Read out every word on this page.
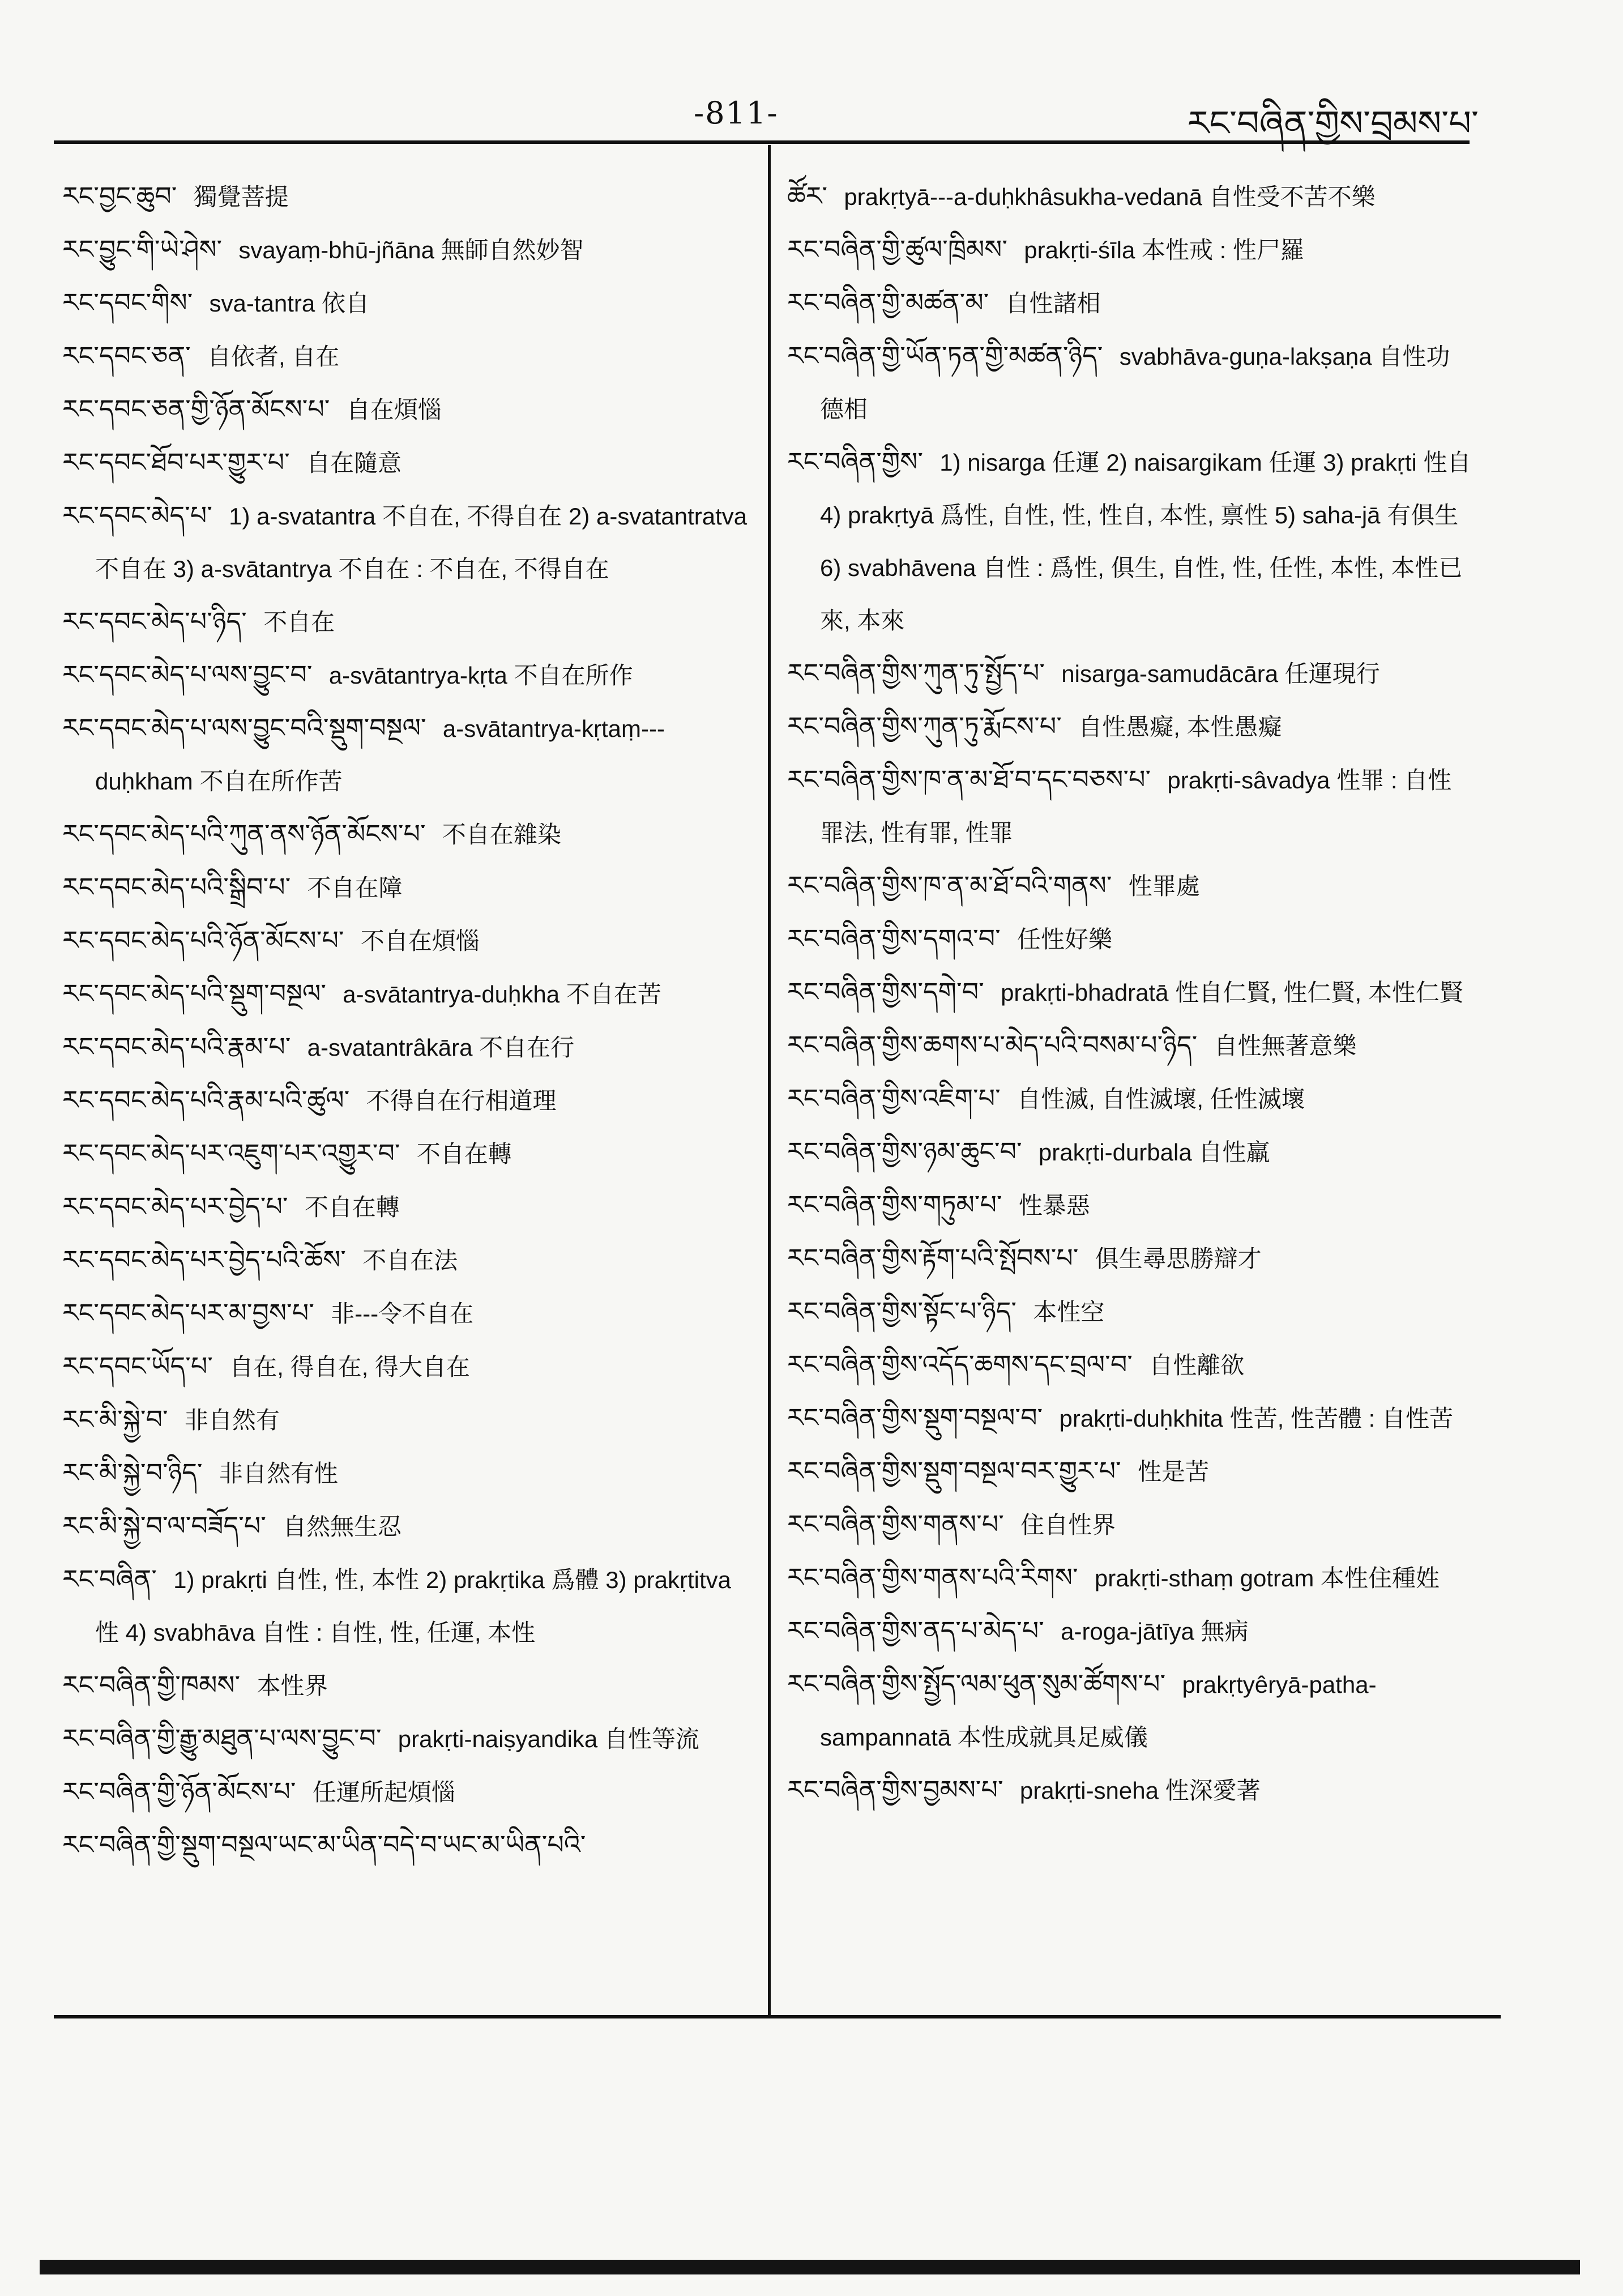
-811-	རང་བཞིན་གྱིས་བྲམས་པ་
རང་བྱང་ཆུབ་ 獨覺菩提
རང་བྱུང་གི་ཡེ་ཤེས་ svayaṃ-bhū-jñāna 無師自然妙智
རང་དབང་གིས་ sva-tantra 依自
རང་དབང་ཅན་ 自依者, 自在
རང་དབང་ཅན་གྱི་ཉོན་མོངས་པ་ 自在煩惱
རང་དབང་ཐོབ་པར་གྱུར་པ་ 自在隨意
རང་དབང་མེད་པ་ 1) a-svatantra 不自在, 不得自在 2) a-svatantratva 不自在 3) a-svātantrya 不自在 : 不自在, 不得自在
རང་དབང་མེད་པ་ཉིད་ 不自在
རང་དབང་མེད་པ་ལས་བྱུང་བ་ a-svātantrya-kṛta 不自在所作
རང་དབང་མེད་པ་ལས་བྱུང་བའི་སྡུག་བསྔལ་ a-svātantrya-kṛtaṃ---duḥkham 不自在所作苦
རང་དབང་མེད་པའི་ཀུན་ནས་ཉོན་མོངས་པ་ 不自在雜染
རང་དབང་མེད་པའི་སྒྲིབ་པ་ 不自在障
རང་དབང་མེད་པའི་ཉོན་མོངས་པ་ 不自在煩惱
རང་དབང་མེད་པའི་སྡུག་བསྔལ་ a-svātantrya-duḥkha 不自在苦
རང་དབང་མེད་པའི་རྣམ་པ་ a-svatantrâkāra 不自在行
རང་དབང་མེད་པའི་རྣམ་པའི་ཚུལ་ 不得自在行相道理
རང་དབང་མེད་པར་འཇུག་པར་འགྱུར་བ་ 不自在轉
རང་དབང་མེད་པར་བྱེད་པ་ 不自在轉
རང་དབང་མེད་པར་བྱེད་པའི་ཆོས་ 不自在法
རང་དབང་མེད་པར་མ་བྱས་པ་ 非---令不自在
རང་དབང་ཡོད་པ་ 自在, 得自在, 得大自在
རང་མི་སྐྱེ་བ་ 非自然有
རང་མི་སྐྱེ་བ་ཉིད་ 非自然有性
རང་མི་སྐྱེ་བ་ལ་བཟོད་པ་ 自然無生忍
རང་བཞིན་ 1) prakṛti 自性, 性, 本性 2) prakṛtika 爲體 3) prakṛtitva 性 4) svabhāva 自性 : 自性, 性, 任運, 本性
རང་བཞིན་གྱི་ཁམས་ 本性界
རང་བཞིན་གྱི་རྒྱུ་མཐུན་པ་ལས་བྱུང་བ་ prakṛti-naiṣyandika 自性等流
རང་བཞིན་གྱི་ཉོན་མོངས་པ་ 任運所起煩惱
རང་བཞིན་གྱི་སྡུག་བསྔལ་ཡང་མ་ཡིན་བདེ་བ་ཡང་མ་ཡིན་པའི་
ཚོར་ prakṛtyā---a-duḥkhâsukha-vedanā 自性受不苦不樂
རང་བཞིན་གྱི་ཚུལ་ཁྲིམས་ prakṛti-śīla 本性戒 : 性尸羅
རང་བཞིན་གྱི་མཚན་མ་ 自性諸相
རང་བཞིན་གྱི་ཡོན་ཏན་གྱི་མཚན་ཉིད་ svabhāva-guṇa-lakṣaṇa 自性功德相
རང་བཞིན་གྱིས་ 1) nisarga 任運 2) naisargikam 任運 3) prakṛti 性自 4) prakṛtyā 爲性, 自性, 性, 性自, 本性, 禀性 5) saha-jā 有俱生 6) svabhāvena 自性 : 爲性, 俱生, 自性, 性, 任性, 本性, 本性已來, 本來
རང་བཞིན་གྱིས་ཀུན་ཏུ་སྤྱོད་པ་ nisarga-samudācāra 任運現行
རང་བཞིན་གྱིས་ཀུན་ཏུ་རྨོངས་པ་ 自性愚癡, 本性愚癡
རང་བཞིན་གྱིས་ཁ་ན་མ་ཐོ་བ་དང་བཅས་པ་ prakṛti-sâvadya 性罪 : 自性罪法, 性有罪, 性罪
རང་བཞིན་གྱིས་ཁ་ན་མ་ཐོ་བའི་གནས་ 性罪處
རང་བཞིན་གྱིས་དགའ་བ་ 任性好樂
རང་བཞིན་གྱིས་དགེ་བ་ prakṛti-bhadratā 性自仁賢, 性仁賢, 本性仁賢
རང་བཞིན་གྱིས་ཆགས་པ་མེད་པའི་བསམ་པ་ཉིད་ 自性無著意樂
རང་བཞིན་གྱིས་འཇིག་པ་ 自性滅, 自性滅壞, 任性滅壞
རང་བཞིན་གྱིས་ཉམ་ཆུང་བ་ prakṛti-durbala 自性羸
རང་བཞིན་གྱིས་གཏུམ་པ་ 性暴惡
རང་བཞིན་གྱིས་རྟོག་པའི་སྤོབས་པ་ 俱生尋思勝辯才
རང་བཞིན་གྱིས་སྟོང་པ་ཉིད་ 本性空
རང་བཞིན་གྱིས་འདོད་ཆགས་དང་བྲལ་བ་ 自性離欲
རང་བཞིན་གྱིས་སྡུག་བསྔལ་བ་ prakṛti-duḥkhita 性苦, 性苦體 : 自性苦
རང་བཞིན་གྱིས་སྡུག་བསྔལ་བར་གྱུར་པ་ 性是苦
རང་བཞིན་གྱིས་གནས་པ་ 住自性界
རང་བཞིན་གྱིས་གནས་པའི་རིགས་ prakṛti-sthaṃ gotram 本性住種姓
རང་བཞིན་གྱིས་ནད་པ་མེད་པ་ a-roga-jātīya 無病
རང་བཞིན་གྱིས་སྤྱོད་ལམ་ཕུན་སུམ་ཚོགས་པ་ prakṛtyêryā-patha-sampannatā 本性成就具足威儀
རང་བཞིན་གྱིས་བྱམས་པ་ prakṛti-sneha 性深愛著
